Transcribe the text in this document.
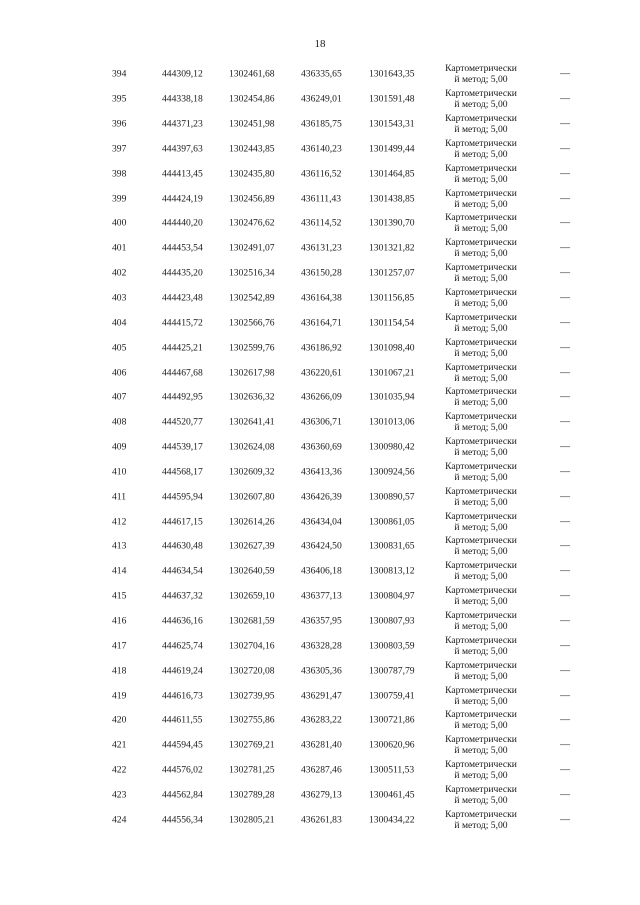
18
394	444309,12	1302461,68	436335,65	1301643,35	Картометрически
й метод; 5,00	—
395	444338,18	1302454,86	436249,01	1301591,48	Картометрически
й метод; 5,00	—
396	444371,23	1302451,98	436185,75	1301543,31	Картометрически
й метод; 5,00	—
397	444397,63	1302443,85	436140,23	1301499,44	Картометрически
й метод; 5,00	—
398	444413,45	1302435,80	436116,52	1301464,85	Картометрически
й метод; 5,00	—
399	444424,19	1302456,89	436111,43	1301438,85	Картометрически
й метод; 5,00	—
400	444440,20	1302476,62	436114,52	1301390,70	Картометрически
й метод; 5,00	—
401	444453,54	1302491,07	436131,23	1301321,82	Картометрически
й метод; 5,00	—
402	444435,20	1302516,34	436150,28	1301257,07	Картометрически
й метод; 5,00	—
403	444423,48	1302542,89	436164,38	1301156,85	Картометрически
й метод; 5,00	—
404	444415,72	1302566,76	436164,71	1301154,54	Картометрически
й метод; 5,00	—
405	444425,21	1302599,76	436186,92	1301098,40	Картометрически
й метод; 5,00	—
406	444467,68	1302617,98	436220,61	1301067,21	Картометрически
й метод; 5,00	—
407	444492,95	1302636,32	436266,09	1301035,94	Картометрически
й метод; 5,00	—
408	444520,77	1302641,41	436306,71	1301013,06	Картометрически
й метод; 5,00	—
409	444539,17	1302624,08	436360,69	1300980,42	Картометрически
й метод; 5,00	—
410	444568,17	1302609,32	436413,36	1300924,56	Картометрически
й метод; 5,00	—
411	444595,94	1302607,80	436426,39	1300890,57	Картометрически
й метод; 5,00	—
412	444617,15	1302614,26	436434,04	1300861,05	Картометрически
й метод; 5,00	—
413	444630,48	1302627,39	436424,50	1300831,65	Картометрически
й метод; 5,00	—
414	444634,54	1302640,59	436406,18	1300813,12	Картометрически
й метод; 5,00	—
415	444637,32	1302659,10	436377,13	1300804,97	Картометрически
й метод; 5,00	—
416	444636,16	1302681,59	436357,95	1300807,93	Картометрически
й метод; 5,00	—
417	444625,74	1302704,16	436328,28	1300803,59	Картометрически
й метод; 5,00	—
418	444619,24	1302720,08	436305,36	1300787,79	Картометрически
й метод; 5,00	—
419	444616,73	1302739,95	436291,47	1300759,41	Картометрически
й метод; 5,00	—
420	444611,55	1302755,86	436283,22	1300721,86	Картометрически
й метод; 5,00	—
421	444594,45	1302769,21	436281,40	1300620,96	Картометрически
й метод; 5,00	—
422	444576,02	1302781,25	436287,46	1300511,53	Картометрически
й метод; 5,00	—
423	444562,84	1302789,28	436279,13	1300461,45	Картометрически
й метод; 5,00	—
424	444556,34	1302805,21	436261,83	1300434,22	Картометрически
й метод; 5,00	—
